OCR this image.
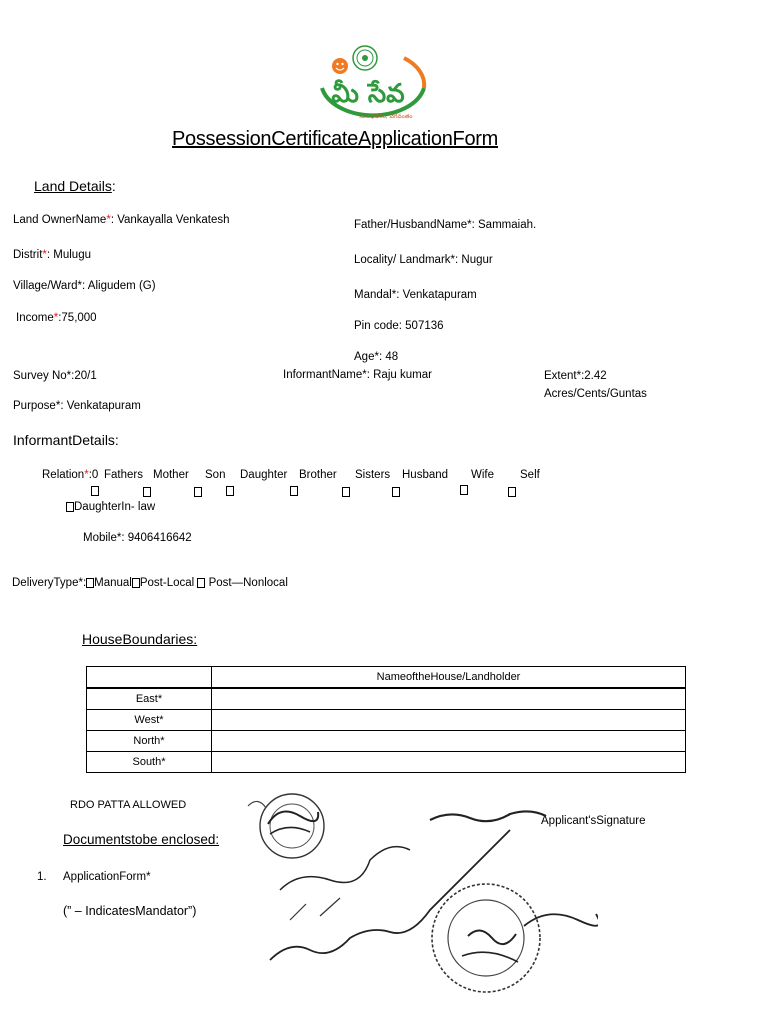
మీ సేవ
సులభతరం, వేగవంతం
PossessionCertificateApplicationForm
Land Details:
Land OwnerName*: Vankayalla Venkatesh	Father/HusbandName*: Sammaiah.
Distrit*: Mulugu	Locality/ Landmark*: Nugur
Village/Ward*: Aligudem (G)
Mandal*: Venkatapuram
Income*:75,000
Pin code: 507136
Age*: 48
Survey No*:20/1	InformantName*: Raju kumar	Extent*:2.42
Acres/Cents/Guntas
Purpose*: Venkatapuram
InformantDetails:
Relation*:0 Fathers Mother Son Daughter Brother Sisters Husband Wife Self
DaughterIn- law
Mobile*: 9406416642
DeliveryType*: Manual Post-Local Post—Nonlocal
HouseBoundaries:
	NameoftheHouse/Landholder
East*	
West*	
North*	
South*	
RDO PATTA ALLOWED
Applicant'sSignature
Documentstobe enclosed:
1. ApplicationForm*
(” – IndicatesMandator”)
